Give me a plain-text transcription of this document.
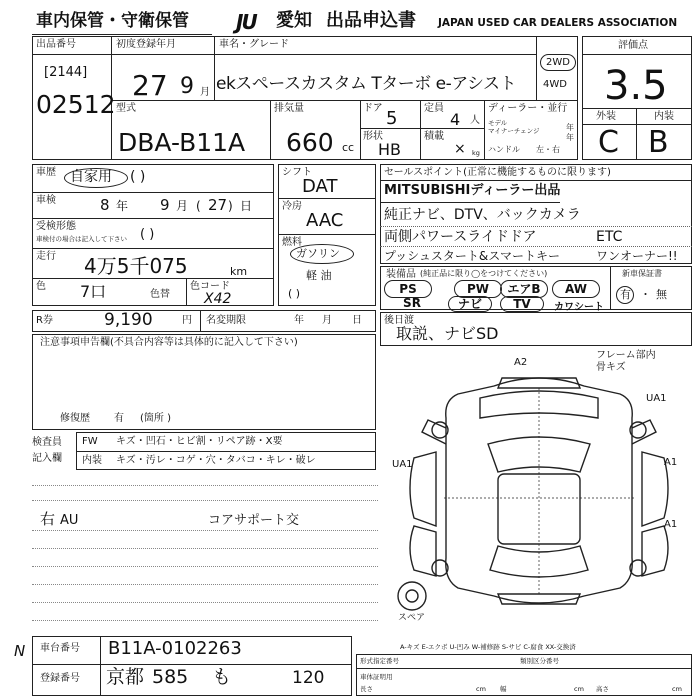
車内保管・守衛保管 JU 愛知 出品申込書 JAPAN USED CAR DEALERS ASSOCIATION
出品番号
[2144]
02512
初度登録年月
27 9 月
車名・グレード
ekスペースカスタム Tターボ e-アシスト
2WD
4WD
評価点
3.5
外装	内装
C B
型式
DBA-B11A
排気量
660 cc
ドア 5	定員
4 人
形状
HB
積載
× kg
ディーラー・並行
モデル	年
マイナーチェンジ
年
ハンドル 左・右
車歴 自家用 ( )
車検	8 年 9 月 ( 27 ) 日
受検形態
車検付の場合は記入して下さい ( )
走行 4万5千075	km
色 7口	色替
色コード
X42
シフト
DAT
冷房
AAC
燃料
ガソリン
軽 油
( )
セールスポイント(正常に機能するものに限ります)
MITSUBISHIディーラー出品
純正ナビ、DTV、バックカメラ
両側パワースライドドア	ETC
プッシュスタート&スマートキー	ワンオーナー!!
装備品 (純正品に限り◯をつけてください)
PS	PW	エアB	AW
SR	ナビ	TV	カワシート
新車保証書
有 ・ 無
R券	9,190	円 名変期限	年 月 日 後日渡
取説、ナビSD
注意事項申告欄(不具合内容等は具体的に記入して下さい)
修復歴 有 (箇所 )
検査員
記入欄
FW キズ・凹石・ヒビ割・リペア跡・X要
内装 キズ・汚レ・コゲ・穴・タバコ・キレ・破レ
右 AU	コアサポート交
A2
フレーム部内骨キズ
UA1
UA1	A1
A1
スペア
A-キズ E-エクボ U-凹み W-補修跡 S-サビ C-腐食 XX-交換済
形式指定番号	類別区分番号
車体証明用
長さ	cm 幅	cm 高さ	cm
車台番号 B11A-0102263
登録番号 京都 585 も	120
N
